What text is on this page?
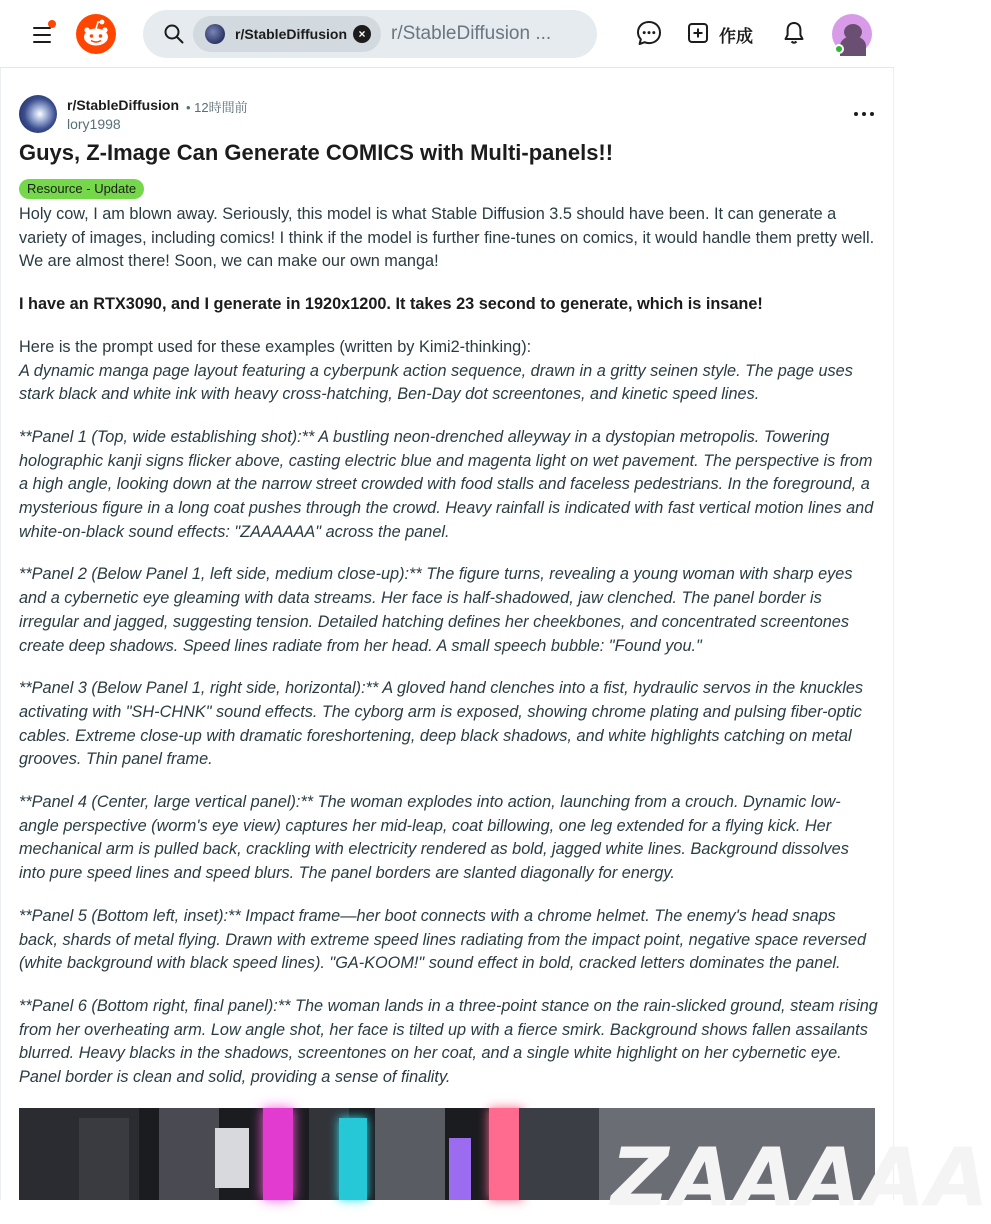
r/StableDiffusion × r/StableDiffusion ...	作成
r/StableDiffusion • 12時間前
lory1998
Guys, Z-Image Can Generate COMICS with Multi-panels!!
Resource - Update

Holy cow, I am blown away. Seriously, this model is what Stable Diffusion 3.5 should have been. It can generate a variety of images, including comics! I think if the model is further fine-tunes on comics, it would handle them pretty well. We are almost there! Soon, we can make our own manga!

I have an RTX3090, and I generate in 1920x1200. It takes 23 second to generate, which is insane!

Here is the prompt used for these examples (written by Kimi2-thinking):

A dynamic manga page layout featuring a cyberpunk action sequence, drawn in a gritty seinen style. The page uses stark black and white ink with heavy cross-hatching, Ben-Day dot screentones, and kinetic speed lines.

**Panel 1 (Top, wide establishing shot):** A bustling neon-drenched alleyway in a dystopian metropolis. Towering holographic kanji signs flicker above, casting electric blue and magenta light on wet pavement. The perspective is from a high angle, looking down at the narrow street crowded with food stalls and faceless pedestrians. In the foreground, a mysterious figure in a long coat pushes through the crowd. Heavy rainfall is indicated with fast vertical motion lines and white-on-black sound effects: "ZAAAAAA" across the panel.

**Panel 2 (Below Panel 1, left side, medium close-up):** The figure turns, revealing a young woman with sharp eyes and a cybernetic eye gleaming with data streams. Her face is half-shadowed, jaw clenched. The panel border is irregular and jagged, suggesting tension. Detailed hatching defines her cheekbones, and concentrated screentones create deep shadows. Speed lines radiate from her head. A small speech bubble: "Found you."

**Panel 3 (Below Panel 1, right side, horizontal):** A gloved hand clenches into a fist, hydraulic servos in the knuckles activating with "SH-CHNK" sound effects. The cyborg arm is exposed, showing chrome plating and pulsing fiber-optic cables. Extreme close-up with dramatic foreshortening, deep black shadows, and white highlights catching on metal grooves. Thin panel frame.

**Panel 4 (Center, large vertical panel):** The woman explodes into action, launching from a crouch. Dynamic low-angle perspective (worm's eye view) captures her mid-leap, coat billowing, one leg extended for a flying kick. Her mechanical arm is pulled back, crackling with electricity rendered as bold, jagged white lines. Background dissolves into pure speed lines and speed blurs. The panel borders are slanted diagonally for energy.

**Panel 5 (Bottom left, inset):** Impact frame—her boot connects with a chrome helmet. The enemy's head snaps back, shards of metal flying. Drawn with extreme speed lines radiating from the impact point, negative space reversed (white background with black speed lines). "GA-KOOM!" sound effect in bold, cracked letters dominates the panel.

**Panel 6 (Bottom right, final panel):** The woman lands in a three-point stance on the rain-slicked ground, steam rising from her overheating arm. Low angle shot, her face is tilted up with a fierce smirk. Background shows fallen assailants blurred. Heavy blacks in the shadows, screentones on her coat, and a single white highlight on her cybernetic eye. Panel border is clean and solid, providing a sense of finality.

ZAAAAA
